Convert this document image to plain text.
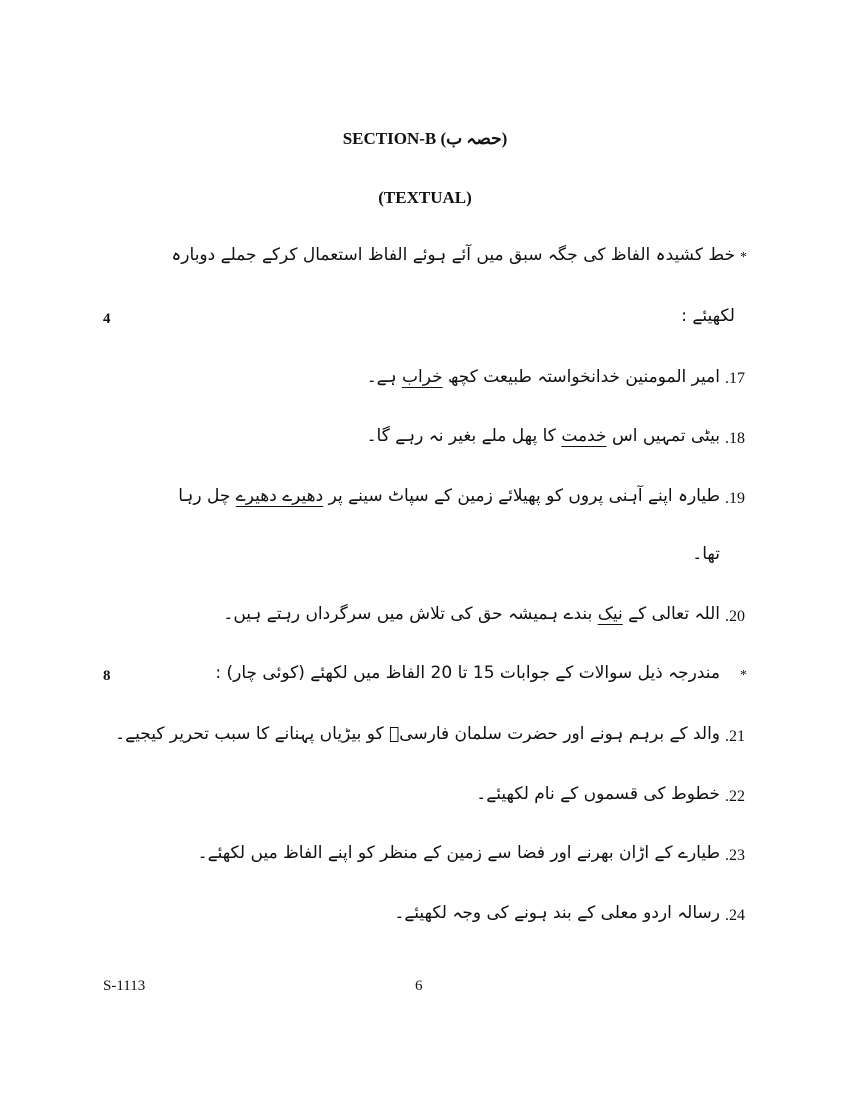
SECTION-B (حصہ ب)
(TEXTUAL)
*
خط کشیدہ الفاظ کی جگہ سبق میں آئے ہوئے الفاظ استعمال کرکے جملے دوبارہ
لکھیئے :
4
.17
امیر المومنین خدانخواستہ طبیعت کچھ خراب ہے۔
.18
بیٹی تمہیں اس خدمت کا پھل ملے بغیر نہ رہے گا۔
.19
طیارہ اپنے آہنی پروں کو پھیلائے زمین کے سپاٹ سینے پر دھیرے دھیرے چل رہا
تھا۔
.20
اللہ تعالی کے نیک بندے ہمیشہ حق کی تلاش میں سرگرداں رہتے ہیں۔
*
مندرجہ ذیل سوالات کے جوابات 15 تا 20 الفاظ میں لکھئے (کوئی چار) :
8
.21
والد کے برہم ہونے اور حضرت سلمان فارسیؓ کو بیڑیاں پہنانے کا سبب تحریر کیجیے۔
.22
خطوط کی قسموں کے نام لکھیئے۔
.23
طیارے کے اڑان بھرنے اور فضا سے زمین کے منظر کو اپنے الفاظ میں لکھئے۔
.24
رسالہ اردو معلی کے بند ہونے کی وجہ لکھیئے۔
S-1113	6
